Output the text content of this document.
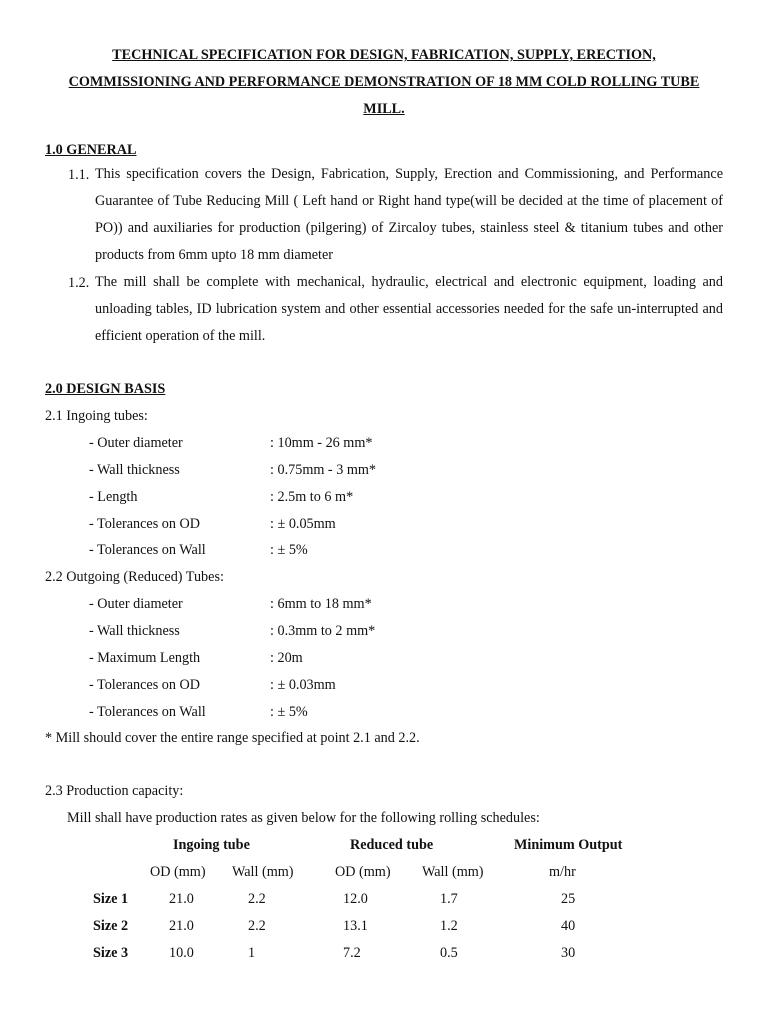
TECHNICAL SPECIFICATION FOR DESIGN, FABRICATION, SUPPLY, ERECTION,
COMMISSIONING AND PERFORMANCE DEMONSTRATION OF 18 MM COLD ROLLING TUBE
MILL.
1.0 GENERAL
1.1. This specification covers the Design, Fabrication, Supply, Erection and Commissioning, and Performance Guarantee of Tube Reducing Mill ( Left hand or Right hand type(will be decided at the time of placement of PO)) and auxiliaries for production (pilgering) of Zircaloy tubes, stainless steel & titanium tubes and other products from 6mm upto 18 mm diameter
1.2. The mill shall be complete with mechanical, hydraulic, electrical and electronic equipment, loading and unloading tables, ID lubrication system and other essential accessories needed for the safe un-interrupted and efficient operation of the mill.
2.0 DESIGN BASIS
2.1 Ingoing tubes:
- Outer diameter	: 10mm - 26 mm*
- Wall thickness	: 0.75mm - 3 mm*
- Length	: 2.5m to 6 m*
- Tolerances on OD	: ± 0.05mm
- Tolerances on Wall	: ± 5%
2.2 Outgoing (Reduced) Tubes:
- Outer diameter	: 6mm to 18 mm*
- Wall thickness	: 0.3mm to 2 mm*
- Maximum Length	: 20m
- Tolerances on OD	: ± 0.03mm
- Tolerances on Wall	: ± 5%
* Mill should cover the entire range specified at point 2.1 and 2.2.
2.3 Production capacity:
Mill shall have production rates as given below for the following rolling schedules:
Ingoing tube	Reduced tube	Minimum Output
OD (mm) Wall (mm)	OD (mm) Wall (mm)	m/hr
Size 1	21.0	2.2	12.0	1.7	25
Size 2	21.0	2.2	13.1	1.2	40
Size 3	10.0	1	7.2	0.5	30
